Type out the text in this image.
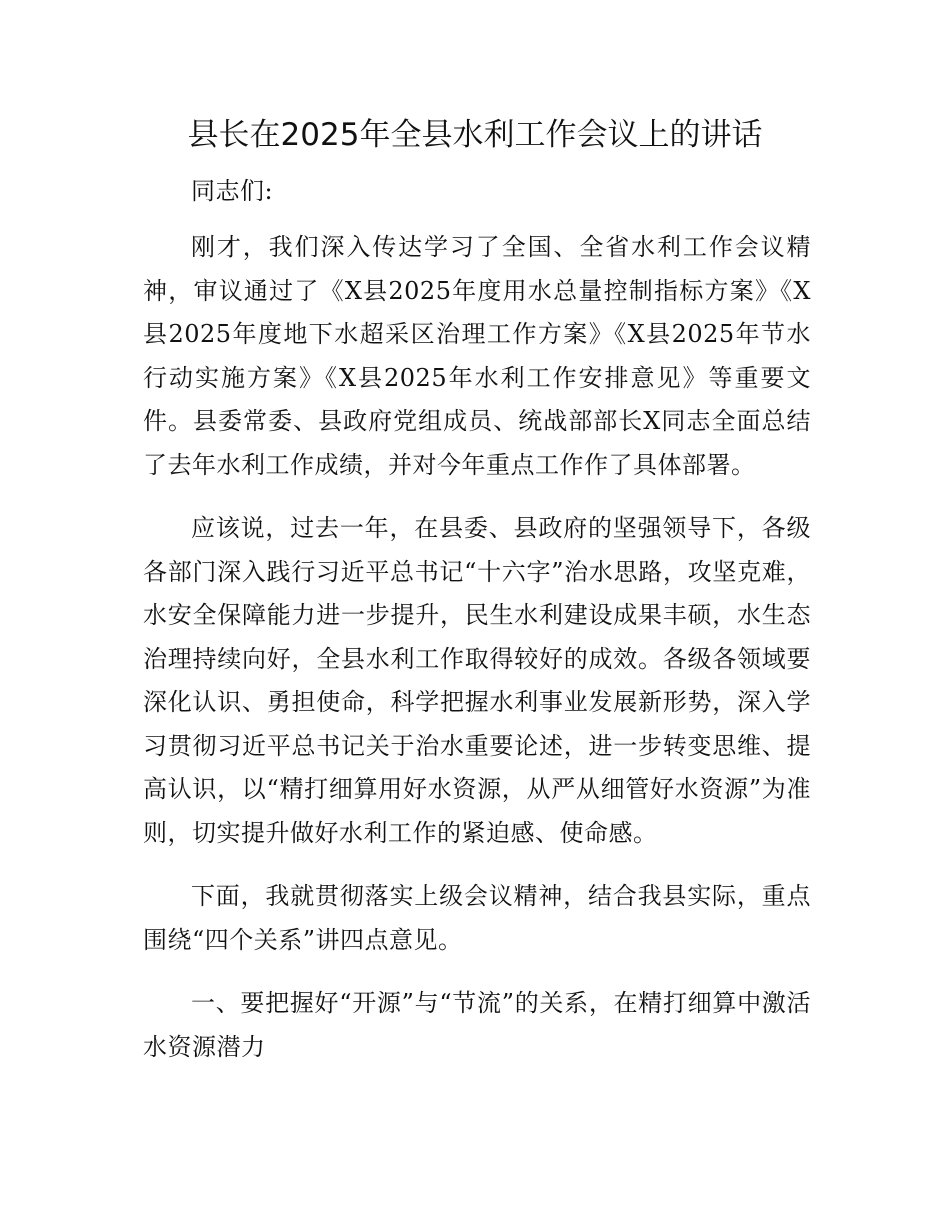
县长在2025年全县水利工作会议上的讲话
同志们:

刚才，我们深入传达学习了全国、全省水利工作会议精神，审议通过了《X县2025年度用水总量控制指标方案》《X县2025年度地下水超采区治理工作方案》《X县2025年节水行动实施方案》《X县2025年水利工作安排意见》等重要文件。县委常委、县政府党组成员、统战部部长X同志全面总结了去年水利工作成绩，并对今年重点工作作了具体部署。

应该说，过去一年，在县委、县政府的坚强领导下，各级各部门深入践行习近平总书记“十六字”治水思路，攻坚克难，水安全保障能力进一步提升，民生水利建设成果丰硕，水生态治理持续向好，全县水利工作取得较好的成效。各级各领域要深化认识、勇担使命，科学把握水利事业发展新形势，深入学习贯彻习近平总书记关于治水重要论述，进一步转变思维、提高认识，以“精打细算用好水资源，从严从细管好水资源”为准则，切实提升做好水利工作的紧迫感、使命感。

下面，我就贯彻落实上级会议精神，结合我县实际，重点围绕“四个关系”讲四点意见。

一、要把握好“开源”与“节流”的关系，在精打细算中激活水资源潜力
